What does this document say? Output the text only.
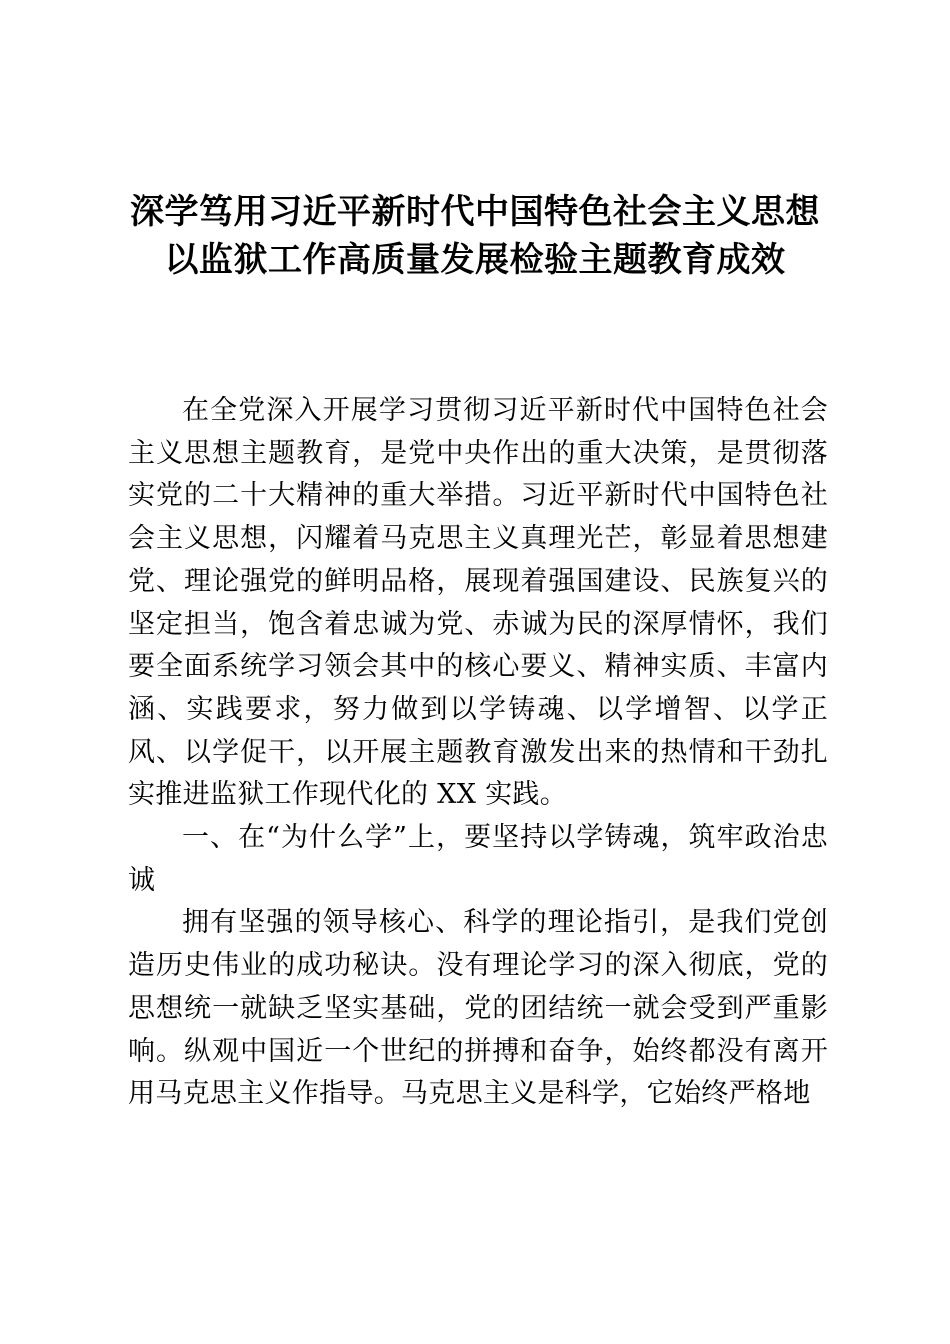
深学笃用习近平新时代中国特色社会主义思想
以监狱工作高质量发展检验主题教育成效

在全党深入开展学习贯彻习近平新时代中国特色社会主义思想主题教育，是党中央作出的重大决策，是贯彻落实党的二十大精神的重大举措。习近平新时代中国特色社会主义思想，闪耀着马克思主义真理光芒，彰显着思想建党、理论强党的鲜明品格，展现着强国建设、民族复兴的坚定担当，饱含着忠诚为党、赤诚为民的深厚情怀，我们要全面系统学习领会其中的核心要义、精神实质、丰富内涵、实践要求，努力做到以学铸魂、以学增智、以学正风、以学促干，以开展主题教育激发出来的热情和干劲扎实推进监狱工作现代化的 XX 实践。

一、在“为什么学”上，要坚持以学铸魂，筑牢政治忠诚

拥有坚强的领导核心、科学的理论指引，是我们党创造历史伟业的成功秘诀。没有理论学习的深入彻底，党的思想统一就缺乏坚实基础，党的团结统一就会受到严重影响。纵观中国近一个世纪的拼搏和奋争，始终都没有离开用马克思主义作指导。马克思主义是科学，它始终严格地
